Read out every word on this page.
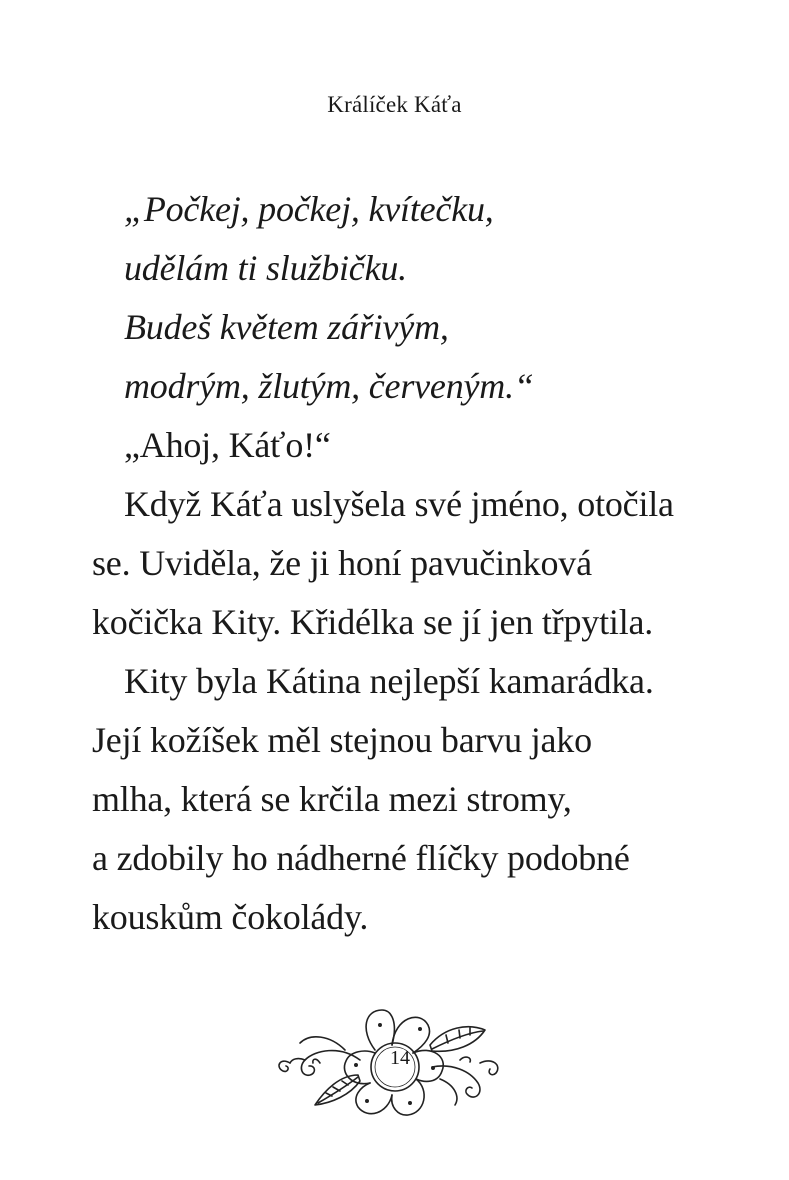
Králíček Káťa
„Počkej, počkej, kvítečku,
udělám ti službičku.
Budeš květem zářivým,
modrým, žlutým, červeným.“
„Ahoj, Káťo!“
Když Káťa uslyšela své jméno, otočila
se. Uviděla, že ji honí pavučinková
kočička Kity. Křidélka se jí jen třpytila.
Kity byla Kátina nejlepší kamarádka.
Její kožíšek měl stejnou barvu jako
mlha, která se krčila mezi stromy,
a zdobily ho nádherné flíčky podobné
kouskům čokolády.
14
